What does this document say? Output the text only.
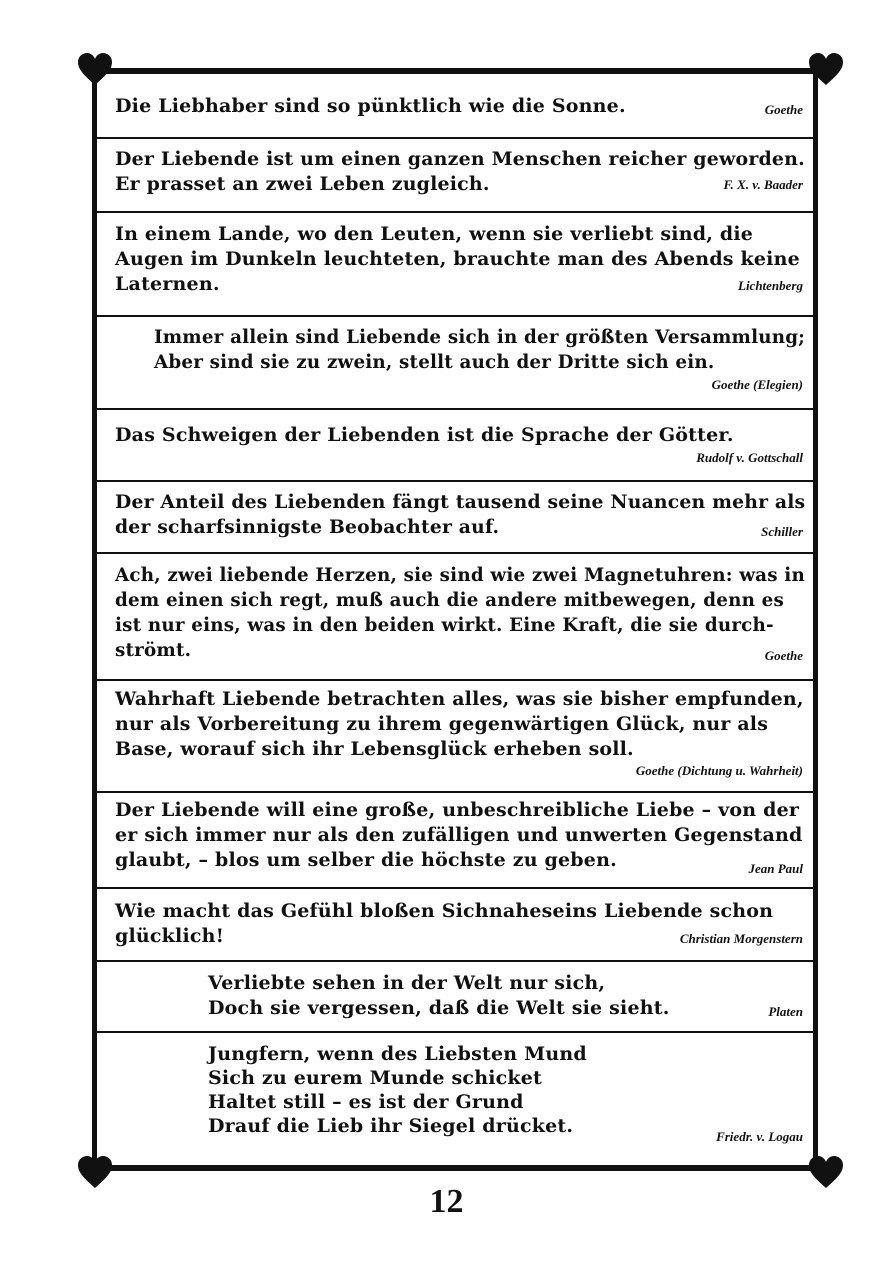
Die Liebhaber sind so pünktlich wie die Sonne.	Goethe
Der Liebende ist um einen ganzen Menschen reicher geworden.
Er prasset an zwei Leben zugleich.	F. X. v. Baader
In einem Lande, wo den Leuten, wenn sie verliebt sind, die
Augen im Dunkeln leuchteten, brauchte man des Abends keine
Laternen.	Lichtenberg
Immer allein sind Liebende sich in der größten Versammlung;
Aber sind sie zu zwein, stellt auch der Dritte sich ein.
Goethe (Elegien)
Das Schweigen der Liebenden ist die Sprache der Götter.
Rudolf v. Gottschall
Der Anteil des Liebenden fängt tausend seine Nuancen mehr als
der scharfsinnigste Beobachter auf.	Schiller
Ach, zwei liebende Herzen, sie sind wie zwei Magnetuhren: was in
dem einen sich regt, muß auch die andere mitbewegen, denn es
ist nur eins, was in den beiden wirkt. Eine Kraft, die sie durch-
strömt.	Goethe
Wahrhaft Liebende betrachten alles, was sie bisher empfunden,
nur als Vorbereitung zu ihrem gegenwärtigen Glück, nur als
Base, worauf sich ihr Lebensglück erheben soll.
Goethe (Dichtung u. Wahrheit)
Der Liebende will eine große, unbeschreibliche Liebe – von der
er sich immer nur als den zufälligen und unwerten Gegenstand
glaubt, – blos um selber die höchste zu geben.	Jean Paul
Wie macht das Gefühl bloßen Sichnaheseins Liebende schon
glücklich!	Christian Morgenstern
Verliebte sehen in der Welt nur sich,
Doch sie vergessen, daß die Welt sie sieht.	Platen
Jungfern, wenn des Liebsten Mund
Sich zu eurem Munde schicket
Haltet still – es ist der Grund
Drauf die Lieb ihr Siegel drücket.	Friedr. v. Logau
12
